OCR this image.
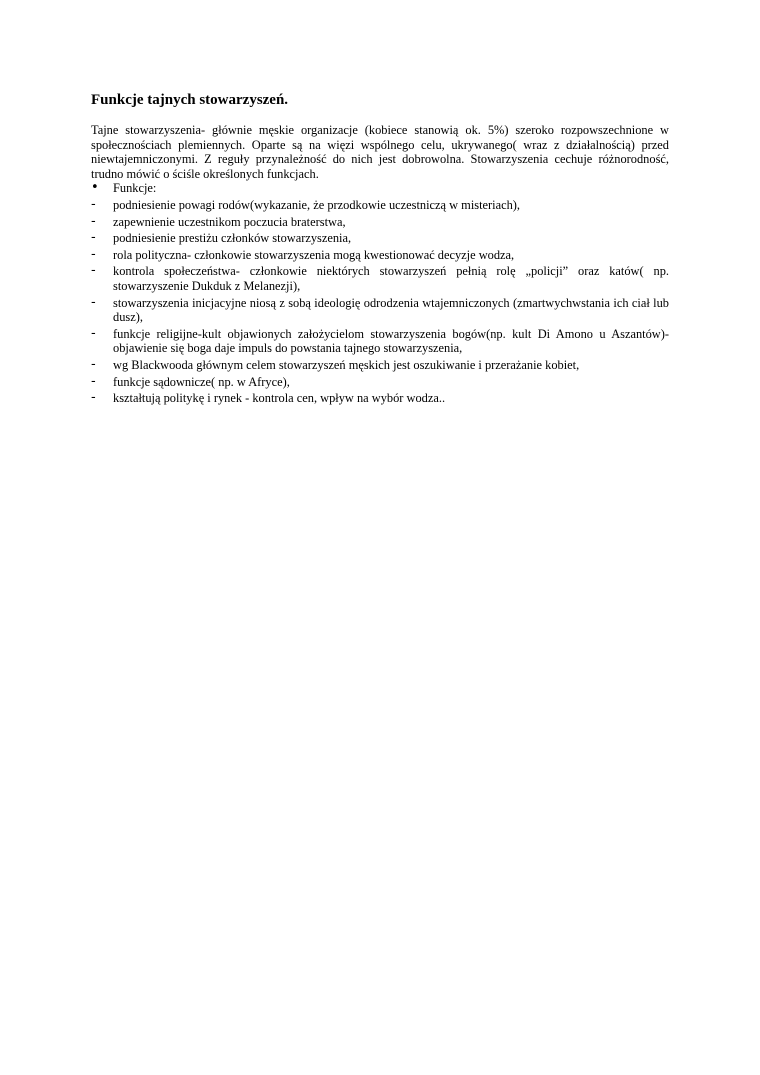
Funkcje tajnych stowarzyszeń.

Tajne stowarzyszenia- głównie męskie organizacje (kobiece stanowią ok. 5%) szeroko rozpowszechnione w społecznościach plemiennych. Oparte są na więzi wspólnego celu, ukrywanego( wraz z działalnością) przed niewtajemniczonymi. Z reguły przynależność do nich jest dobrowolna. Stowarzyszenia cechuje różnorodność, trudno mówić o ściśle określonych funkcjach.

•	Funkcje:
-	podniesienie powagi rodów(wykazanie, że przodkowie uczestniczą w misteriach),
-	zapewnienie uczestnikom poczucia braterstwa,
-	podniesienie prestiżu członków stowarzyszenia,
-	rola polityczna- członkowie stowarzyszenia mogą kwestionować decyzje wodza,
-	kontrola społeczeństwa- członkowie niektórych stowarzyszeń pełnią rolę „policji” oraz katów( np. stowarzyszenie Dukduk z Melanezji),
-	stowarzyszenia inicjacyjne niosą z sobą ideologię odrodzenia wtajemniczonych (zmartwychwstania ich ciał lub dusz),
-	funkcje religijne-kult objawionych założycielom stowarzyszenia bogów(np. kult Di Amono u Aszantów)- objawienie się boga daje impuls do powstania tajnego stowarzyszenia,
-	wg Blackwooda głównym celem stowarzyszeń męskich jest oszukiwanie i przerażanie kobiet,
-	funkcje sądownicze( np. w Afryce),
-	kształtują politykę i rynek - kontrola cen, wpływ na wybór wodza..
